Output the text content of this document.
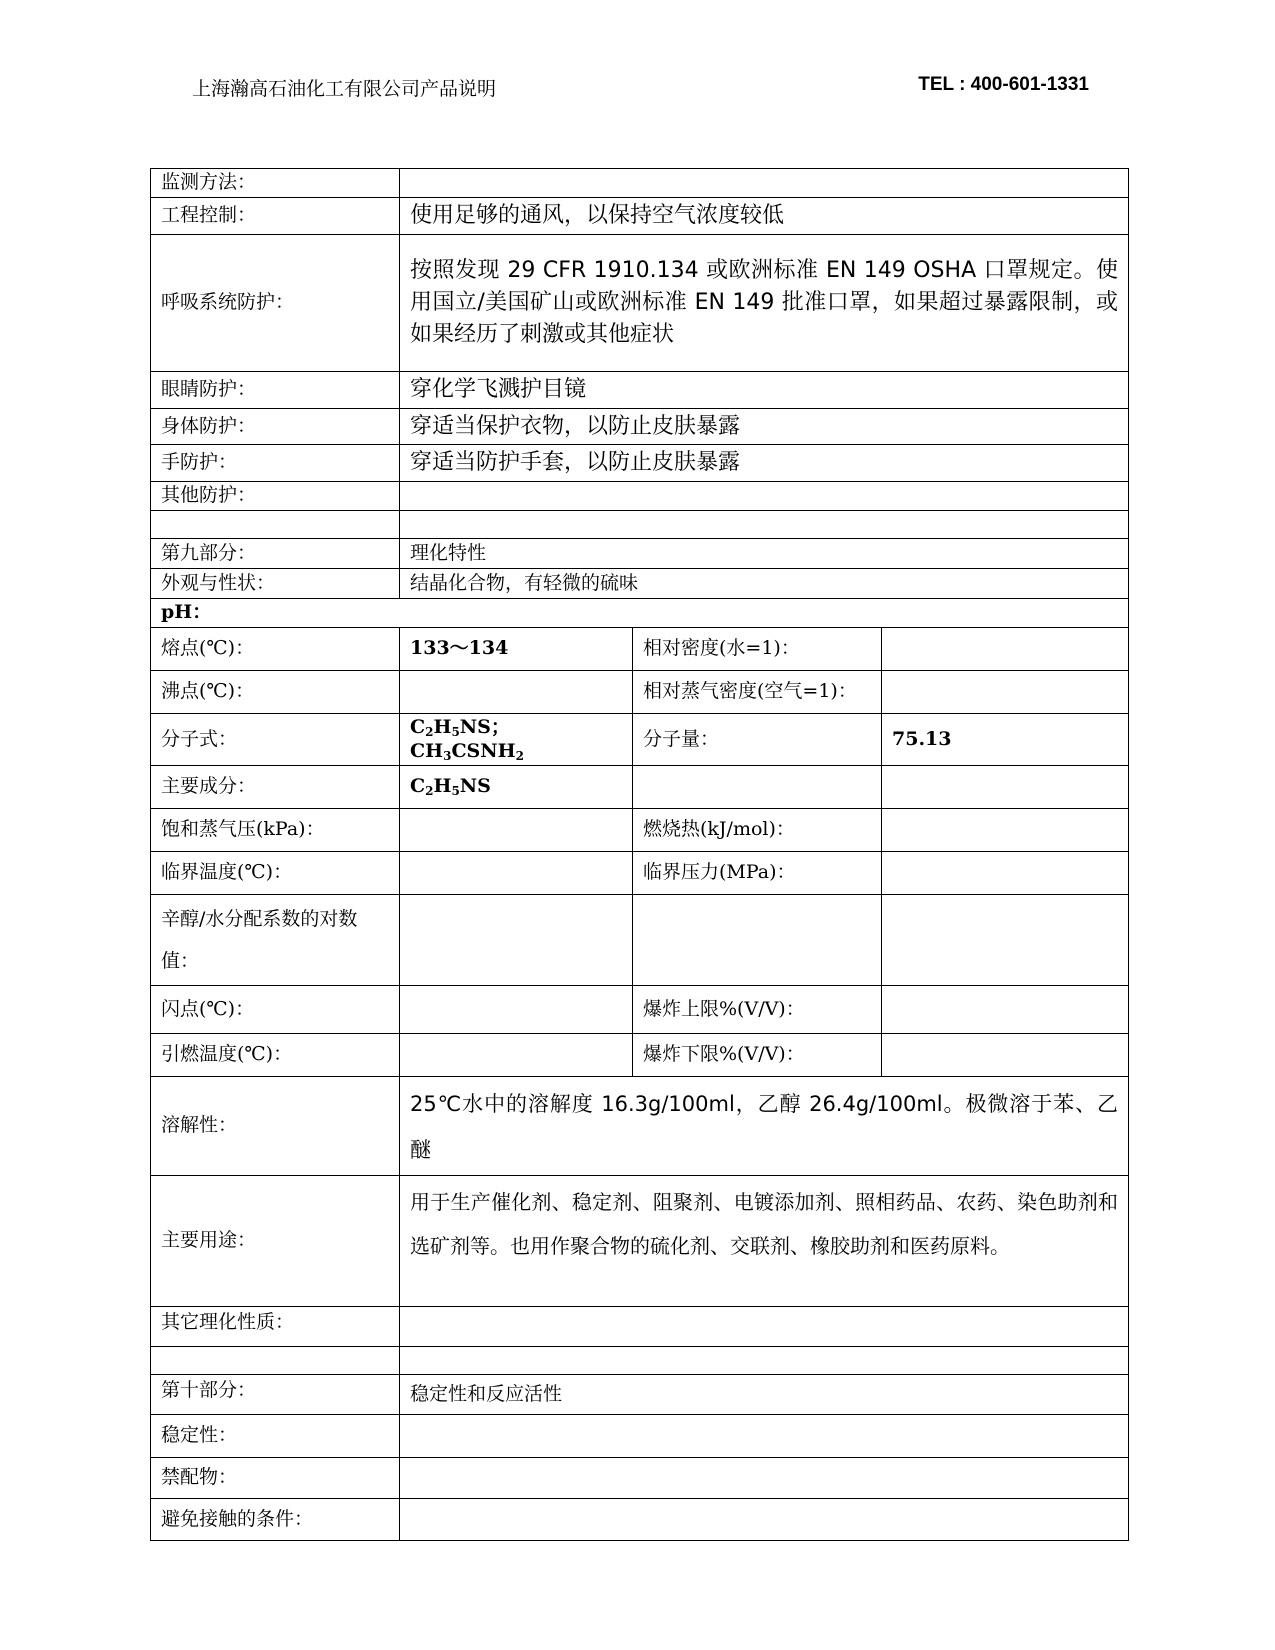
上海瀚高石油化工有限公司产品说明	TEL : 400-601-1331
监测方法：			
工程控制：	使用足够的通风，以保持空气浓度较低		
呼吸系统防护：	按照发现 29 CFR 1910.134 或欧洲标准 EN 149 OSHA 口罩规定。使用国立/美国矿山或欧洲标准 EN 149 批准口罩，如果超过暴露限制，或如果经历了刺激或其他症状		
眼睛防护：	穿化学飞溅护目镜		
身体防护：	穿适当保护衣物，以防止皮肤暴露		
手防护：	穿适当防护手套，以防止皮肤暴露		
其他防护：			

第九部分：	理化特性		
外观与性状：	结晶化合物，有轻微的硫味		
pH：			
熔点(℃)：	133～134	相对密度(水=1)：	
沸点(℃)：		相对蒸气密度(空气=1)：	
分子式：	$C_2H_5NS$；$CH_3CSNH_2$	分子量：	75.13
主要成分：	$C_2H_5NS$		
饱和蒸气压(kPa)：		燃烧热(kJ/mol)：	
临界温度(℃)：		临界压力(MPa)：	
辛醇/水分配系数的对数值：			
闪点(℃)：		爆炸上限%(V/V)：	
引燃温度(℃)：		爆炸下限%(V/V)：	
溶解性：	25℃水中的溶解度 16.3g/100ml，乙醇 26.4g/100ml。极微溶于苯、乙醚		
主要用途：	用于生产催化剂、稳定剂、阻聚剂、电镀添加剂、照相药品、农药、染色助剂和选矿剂等。也用作聚合物的硫化剂、交联剂、橡胶助剂和医药原料。		
其它理化性质：			

第十部分：	稳定性和反应活性		
稳定性：			
禁配物：			
避免接触的条件：			
